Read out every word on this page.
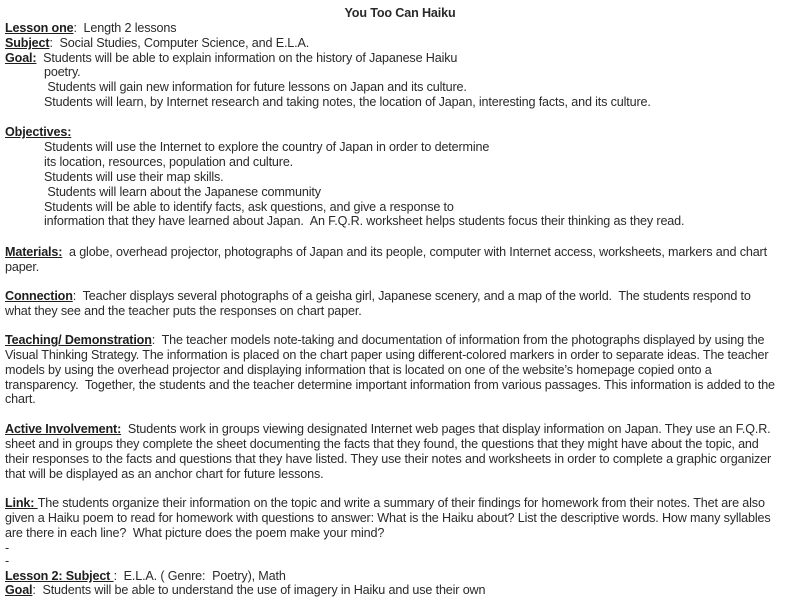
You Too Can Haiku
Lesson one:  Length 2 lessons
Subject:  Social Studies, Computer Science, and E.L.A.
Goal:  Students will be able to explain information on the history of Japanese Haiku
poetry.
Students will gain new information for future lessons on Japan and its culture.
Students will learn, by Internet research and taking notes, the location of Japan, interesting facts, and its culture.
Objectives:
Students will use the Internet to explore the country of Japan in order to determine
its location, resources, population and culture.
Students will use their map skills.
Students will learn about the Japanese community
Students will be able to identify facts, ask questions, and give a response to
information that they have learned about Japan.  An F.Q.R. worksheet helps students focus their thinking as they read.
Materials:  a globe, overhead projector, photographs of Japan and its people, computer with Internet access, worksheets, markers and chart
paper.
Connection:  Teacher displays several photographs of a geisha girl, Japanese scenery, and a map of the world.  The students respond to
what they see and the teacher puts the responses on chart paper.
Teaching/ Demonstration:  The teacher models note-taking and documentation of information from the photographs displayed by using the
Visual Thinking Strategy. The information is placed on the chart paper using different-colored markers in order to separate ideas. The teacher
models by using the overhead projector and displaying information that is located on one of the website’s homepage copied onto a
transparency.  Together, the students and the teacher determine important information from various passages. This information is added to the
chart.
Active Involvement:  Students work in groups viewing designated Internet web pages that display information on Japan. They use an F.Q.R.
sheet and in groups they complete the sheet documenting the facts that they found, the questions that they might have about the topic, and
their responses to the facts and questions that they have listed. They use their notes and worksheets in order to complete a graphic organizer
that will be displayed as an anchor chart for future lessons.
Link: The students organize their information on the topic and write a summary of their findings for homework from their notes. Thet are also
given a Haiku poem to read for homework with questions to answer: What is the Haiku about? List the descriptive words. How many syllables
are there in each line?  What picture does the poem make your mind?
-
-
Lesson 2: Subject :  E.L.A. ( Genre:  Poetry), Math
Goal:  Students will be able to understand the use of imagery in Haiku and use their own
